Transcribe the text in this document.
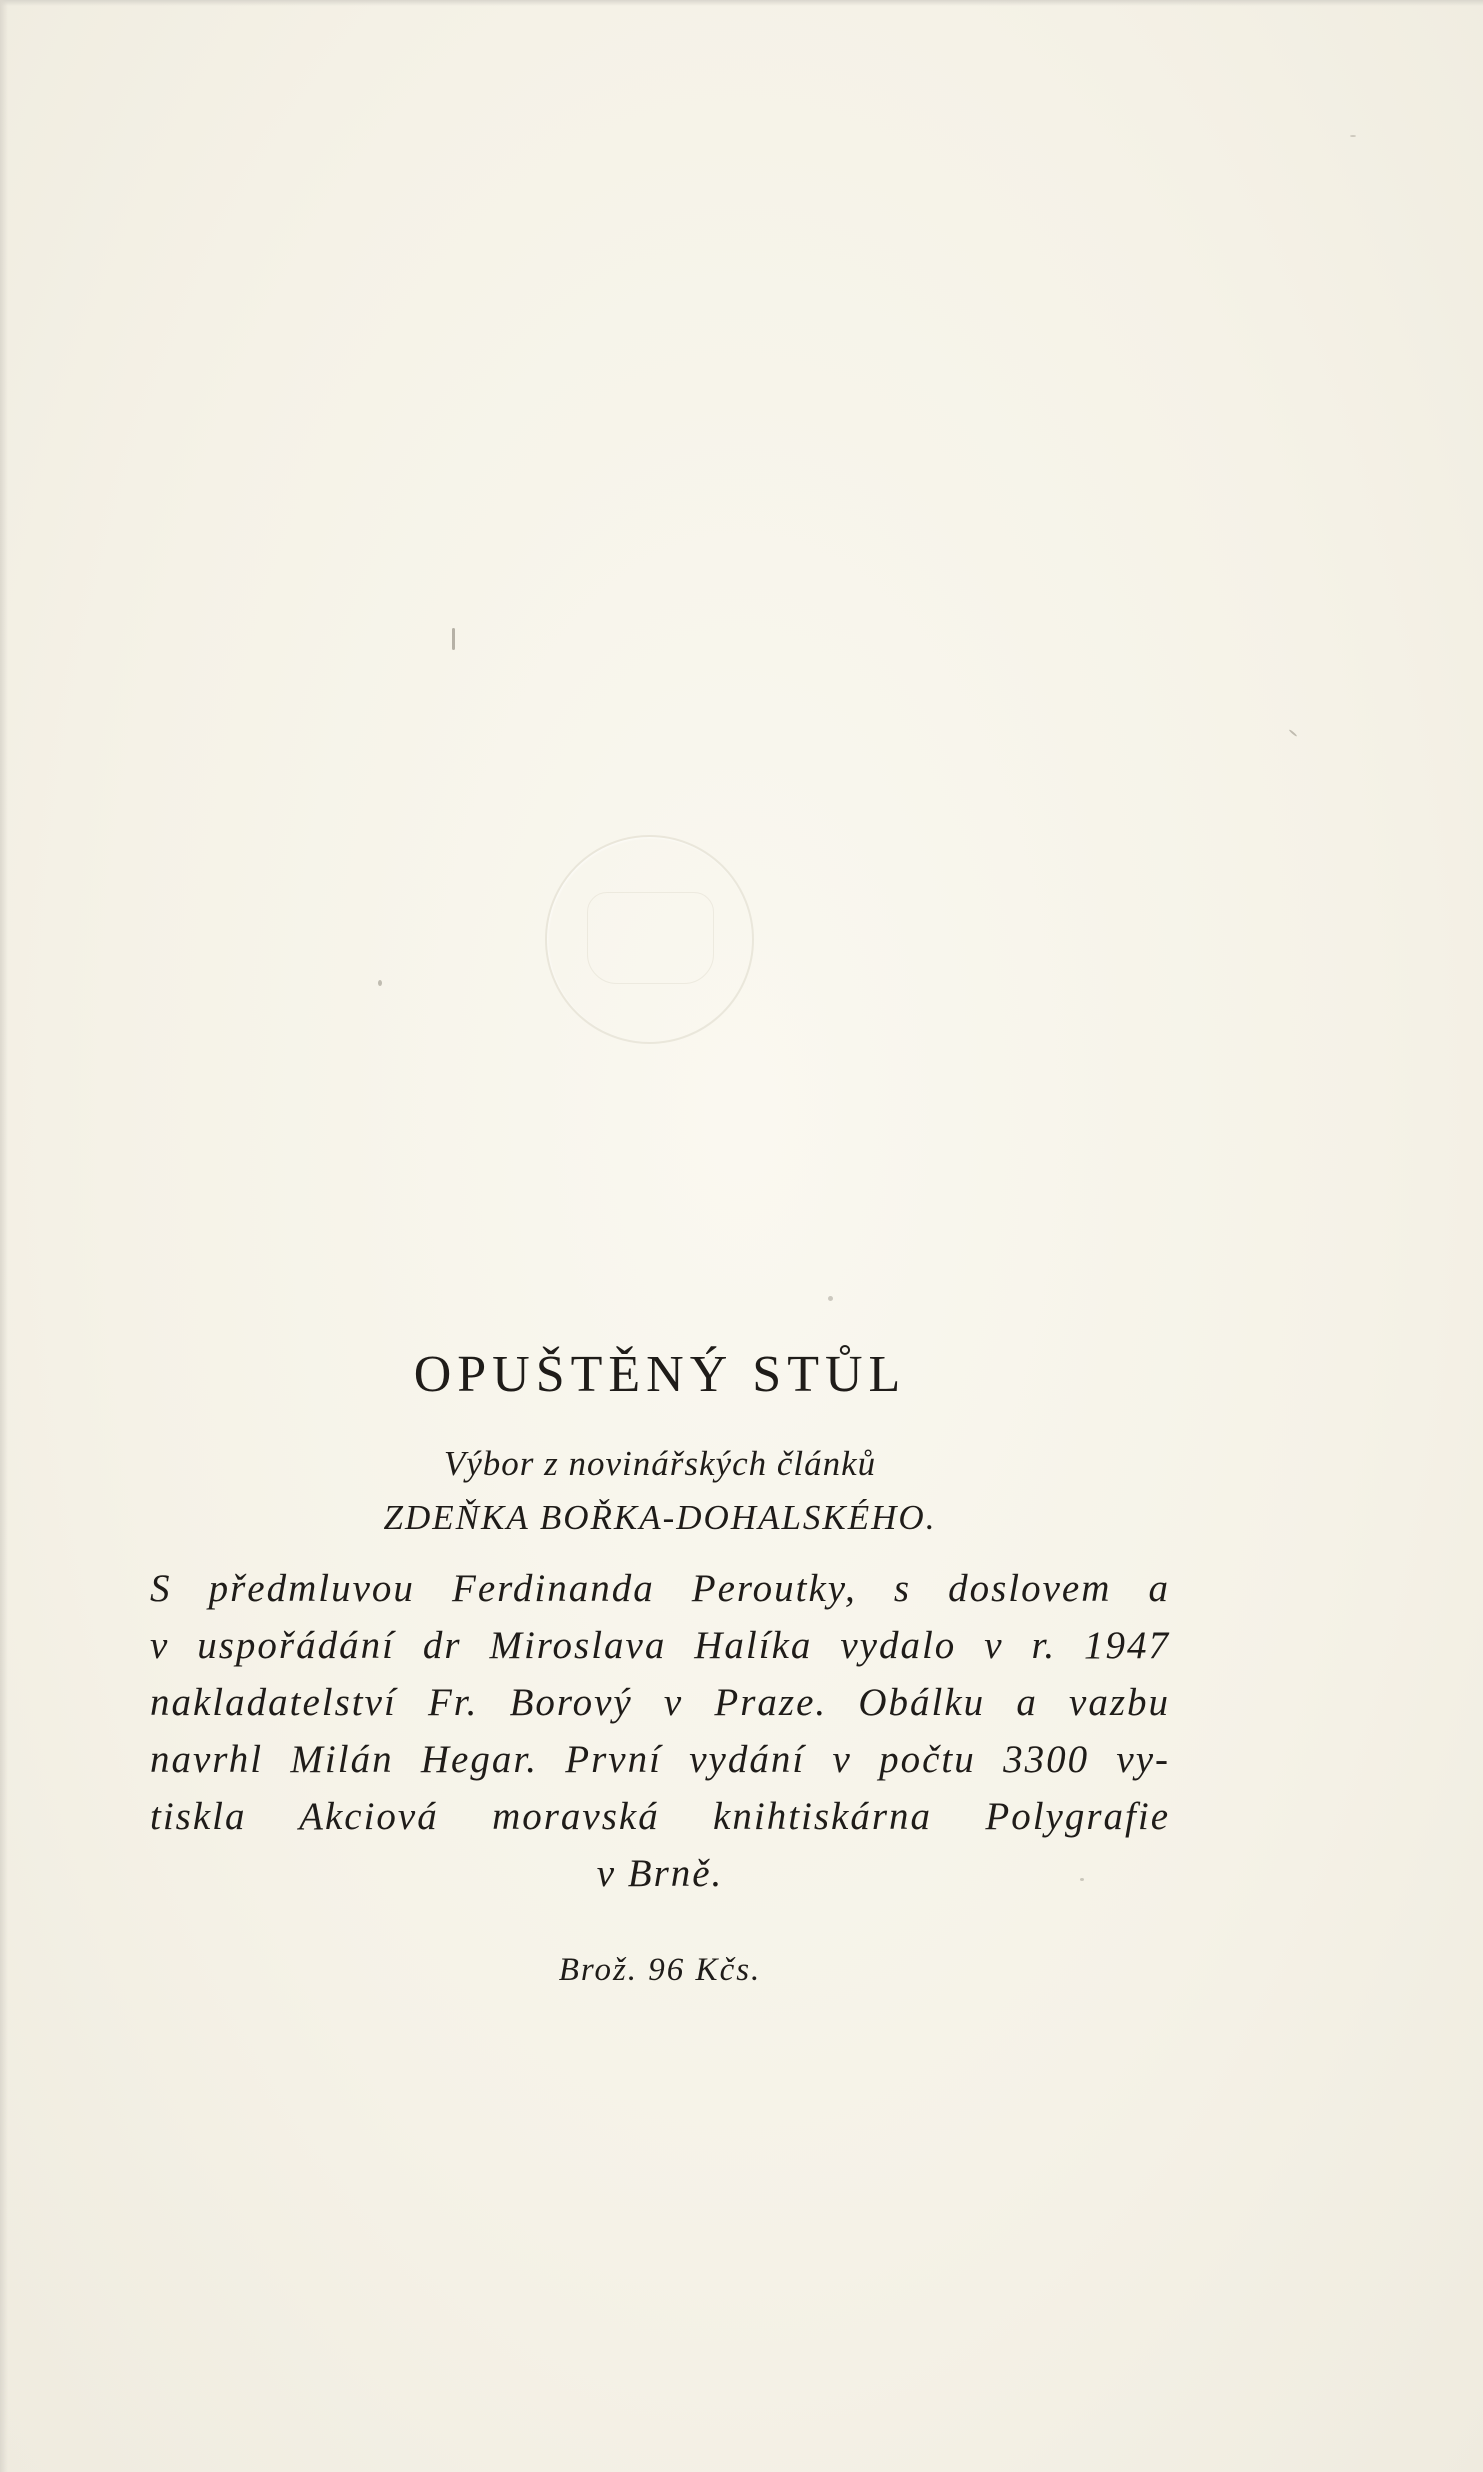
OPUŠTĚNÝ STŮL
Výbor z novinářských článků
ZDEŇKA BOŘKA-DOHALSKÉHO.
S předmluvou Ferdinanda Peroutky, s doslovem a
v uspořádání dr Miroslava Halíka vydalo v r. 1947
nakladatelství Fr. Borový v Praze. Obálku a vazbu
navrhl Milán Hegar. První vydání v počtu 3300 vy-
tiskla Akciová moravská knihtiskárna Polygrafie
v Brně.
Brož. 96 Kčs.
